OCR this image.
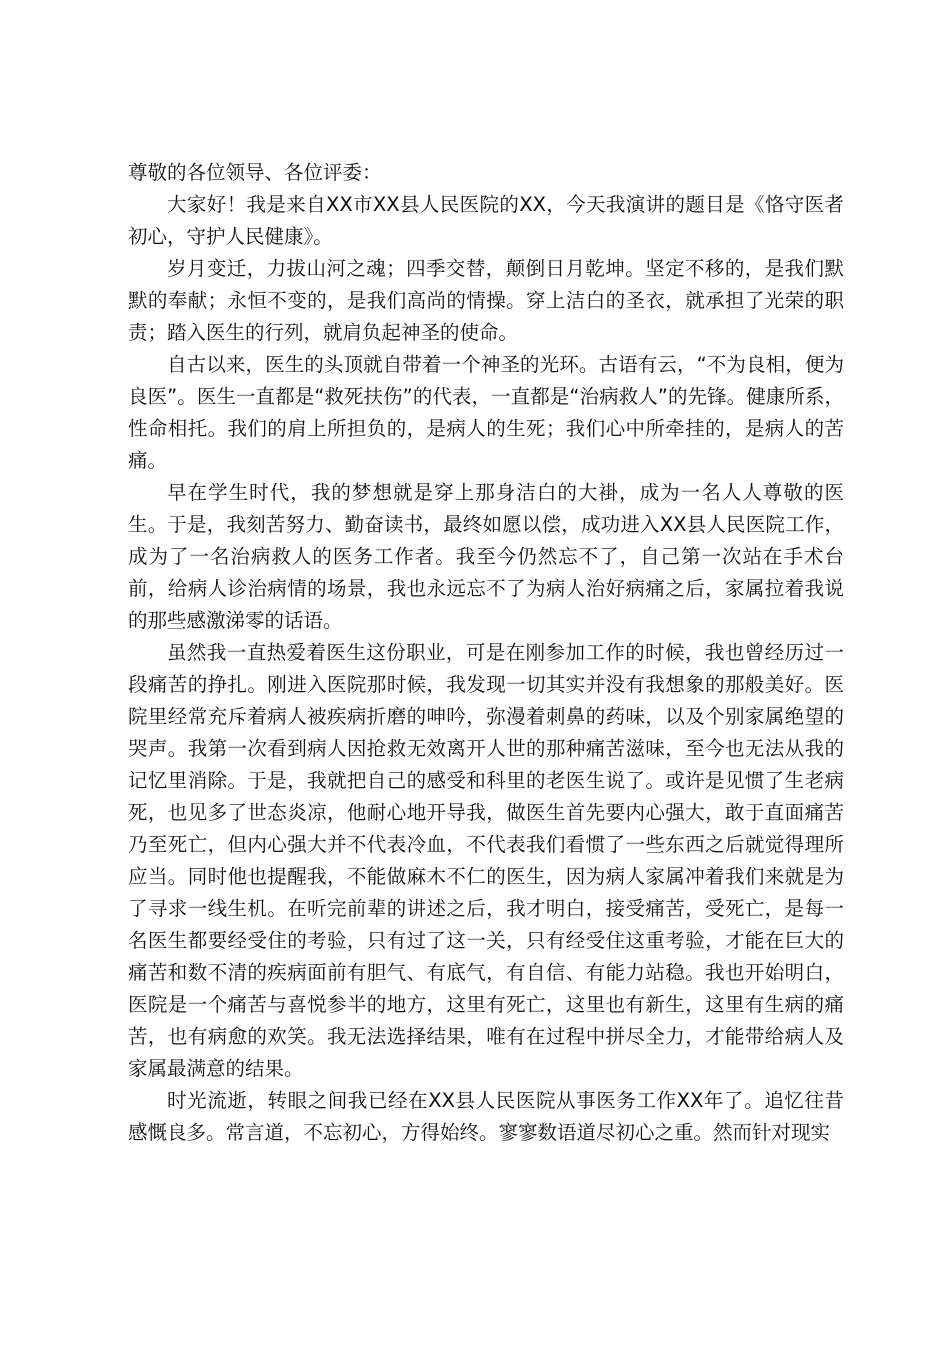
尊敬的各位领导、各位评委：

大家好！我是来自XX市XX县人民医院的XX，今天我演讲的题目是《恪守医者初心，守护人民健康》。

岁月变迁，力拔山河之魂；四季交替，颠倒日月乾坤。坚定不移的，是我们默默的奉献；永恒不变的，是我们高尚的情操。穿上洁白的圣衣，就承担了光荣的职责；踏入医生的行列，就肩负起神圣的使命。

自古以来，医生的头顶就自带着一个神圣的光环。古语有云，“不为良相，便为良医”。医生一直都是“救死扶伤”的代表，一直都是“治病救人”的先锋。健康所系，性命相托。我们的肩上所担负的，是病人的生死；我们心中所牵挂的，是病人的苦痛。

早在学生时代，我的梦想就是穿上那身洁白的大褂，成为一名人人尊敬的医生。于是，我刻苦努力、勤奋读书，最终如愿以偿，成功进入XX县人民医院工作，成为了一名治病救人的医务工作者。我至今仍然忘不了，自己第一次站在手术台前，给病人诊治病情的场景，我也永远忘不了为病人治好病痛之后，家属拉着我说的那些感激涕零的话语。

虽然我一直热爱着医生这份职业，可是在刚参加工作的时候，我也曾经历过一段痛苦的挣扎。刚进入医院那时候，我发现一切其实并没有我想象的那般美好。医院里经常充斥着病人被疾病折磨的呻吟，弥漫着刺鼻的药味，以及个别家属绝望的哭声。我第一次看到病人因抢救无效离开人世的那种痛苦滋味，至今也无法从我的记忆里消除。于是，我就把自己的感受和科里的老医生说了。或许是见惯了生老病死，也见多了世态炎凉，他耐心地开导我，做医生首先要内心强大，敢于直面痛苦乃至死亡，但内心强大并不代表冷血，不代表我们看惯了一些东西之后就觉得理所应当。同时他也提醒我，不能做麻木不仁的医生，因为病人家属冲着我们来就是为了寻求一线生机。在听完前辈的讲述之后，我才明白，接受痛苦，受死亡，是每一名医生都要经受住的考验，只有过了这一关，只有经受住这重考验，才能在巨大的痛苦和数不清的疾病面前有胆气、有底气，有自信、有能力站稳。我也开始明白，医院是一个痛苦与喜悦参半的地方，这里有死亡，这里也有新生，这里有生病的痛苦，也有病愈的欢笑。我无法选择结果，唯有在过程中拼尽全力，才能带给病人及家属最满意的结果。

时光流逝，转眼之间我已经在XX县人民医院从事医务工作XX年了。追忆往昔感慨良多。常言道，不忘初心，方得始终。寥寥数语道尽初心之重。然而针对现实
